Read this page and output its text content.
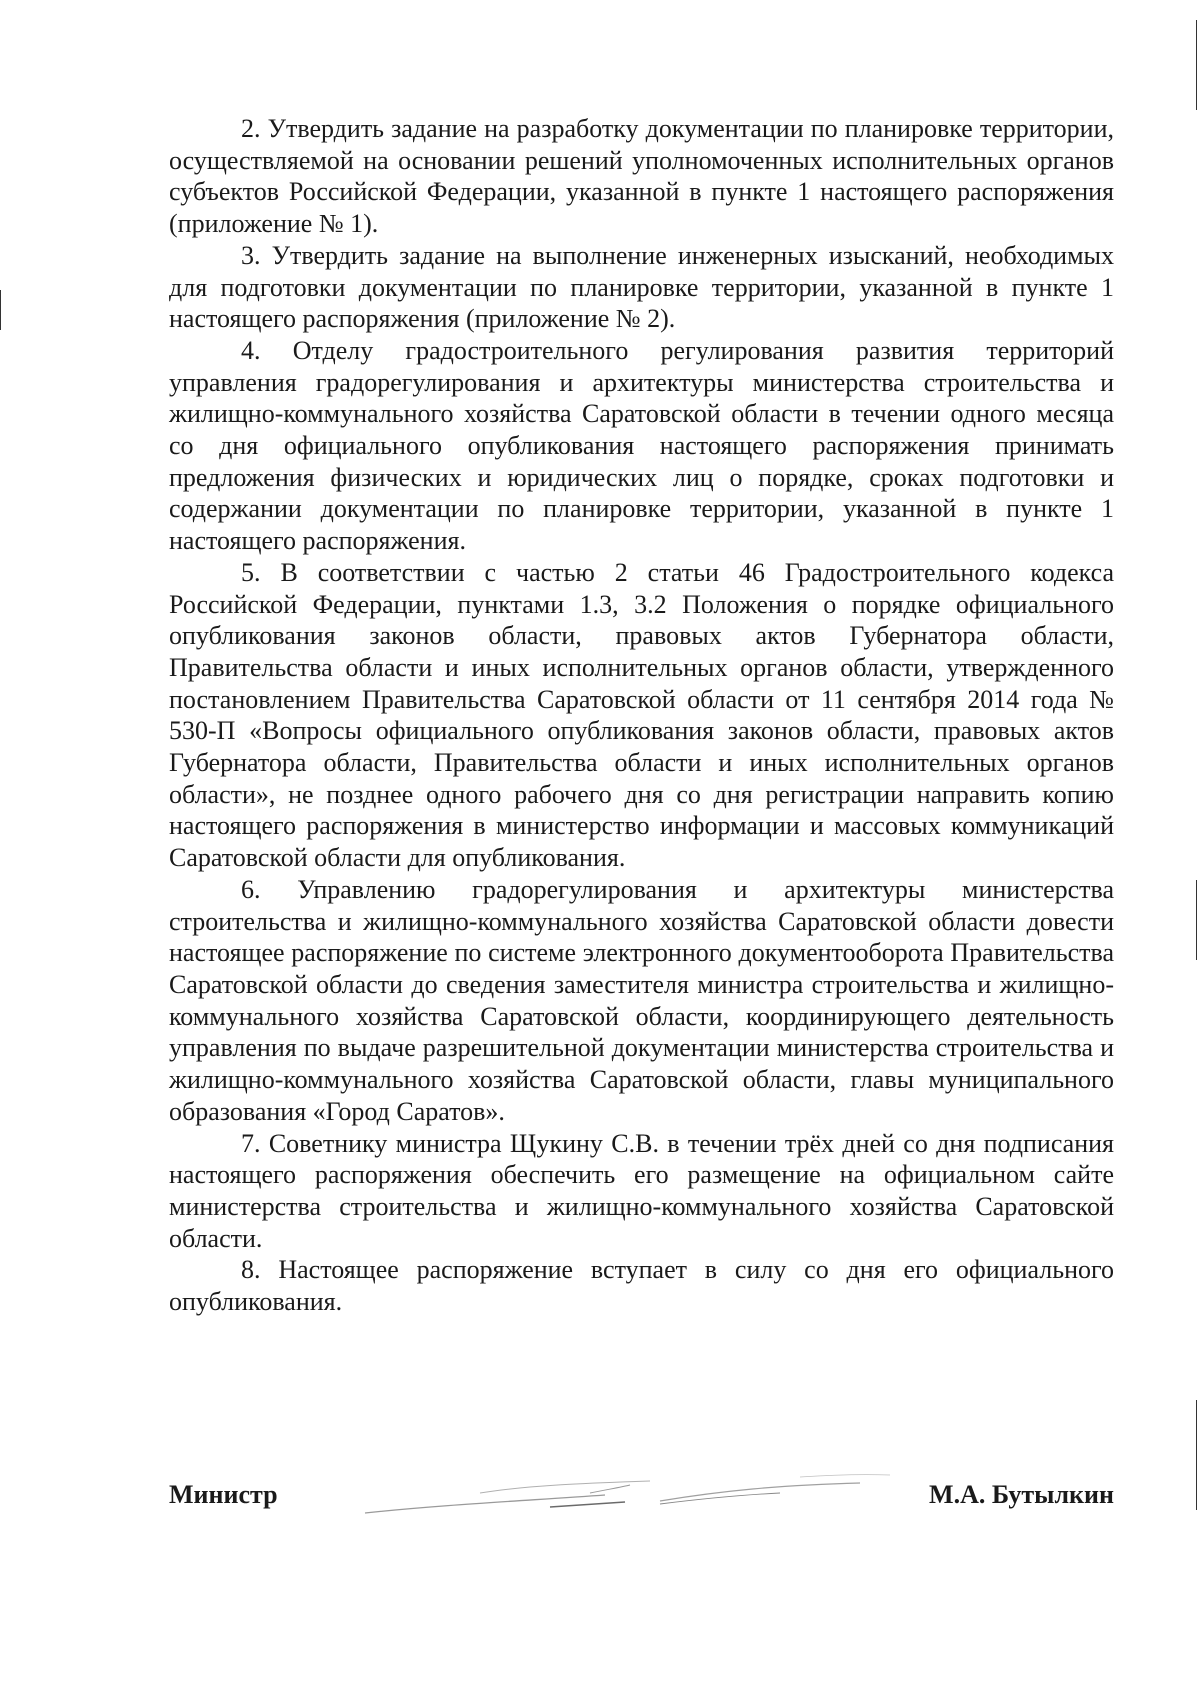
2. Утвердить задание на разработку документации по планировке территории, осуществляемой на основании решений уполномоченных исполнительных органов субъектов Российской Федерации, указанной в пункте 1 настоящего распоряжения (приложение № 1).

3. Утвердить задание на выполнение инженерных изысканий, необходимых для подготовки документации по планировке территории, указанной в пункте 1 настоящего распоряжения (приложение № 2).

4. Отделу градостроительного регулирования развития территорий управления градорегулирования и архитектуры министерства строительства и жилищно-коммунального хозяйства Саратовской области в течении одного месяца со дня официального опубликования настоящего распоряжения принимать предложения физических и юридических лиц о порядке, сроках подготовки и содержании документации по планировке территории, указанной в пункте 1 настоящего распоряжения.

5. В соответствии с частью 2 статьи 46 Градостроительного кодекса Российской Федерации, пунктами 1.3, 3.2 Положения о порядке официального опубликования законов области, правовых актов Губернатора области, Правительства области и иных исполнительных органов области, утвержденного постановлением Правительства Саратовской области от 11 сентября 2014 года № 530-П «Вопросы официального опубликования законов области, правовых актов Губернатора области, Правительства области и иных исполнительных органов области», не позднее одного рабочего дня со дня регистрации направить копию настоящего распоряжения в министерство информации и массовых коммуникаций Саратовской области для опубликования.

6. Управлению градорегулирования и архитектуры министерства строительства и жилищно-коммунального хозяйства Саратовской области довести настоящее распоряжение по системе электронного документооборота Правительства Саратовской области до сведения заместителя министра строительства и жилищно-коммунального хозяйства Саратовской области, координирующего деятельность управления по выдаче разрешительной документации министерства строительства и жилищно-коммунального хозяйства Саратовской области, главы муниципального образования «Город Саратов».

7. Советнику министра Щукину С.В. в течении трёх дней со дня подписания настоящего распоряжения обеспечить его размещение на официальном сайте министерства строительства и жилищно-коммунального хозяйства Саратовской области.

8. Настоящее распоряжение вступает в силу со дня его официального опубликования.

Министр	М.А. Бутылкин
